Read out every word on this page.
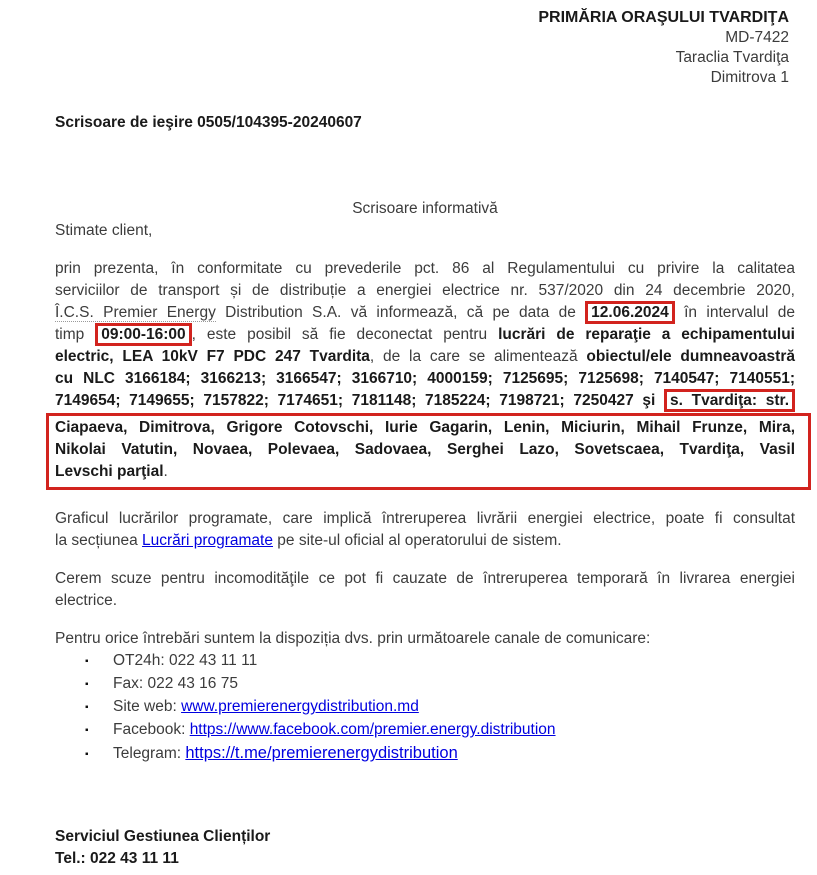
PRIMĂRIA ORAŞULUI TVARDIŢA
MD-7422
Taraclia Tvardiţa
Dimitrova 1
Scrisoare de ieşire 0505/104395-20240607
Scrisoare informativă
Stimate client,
prin prezenta, în conformitate cu prevederile pct. 86 al Regulamentului cu privire la calitatea
serviciilor de transport și de distribuție a energiei electrice nr. 537/2020 din 24 decembrie 2020,
Î.C.S. Premier Energy Distribution S.A. vă informează, că pe data de 12.06.2024 în intervalul de
timp 09:00-16:00 , este posibil să fie deconectat pentru lucrări de reparaţie a echipamentului
electric, LEA 10kV F7 PDC 247 Tvardita, de la care se alimentează obiectul/ele dumneavoastră
cu NLC 3166184; 3166213; 3166547; 3166710; 4000159; 7125695; 7125698; 7140547; 7140551;
7149654; 7149655; 7157822; 7174651; 7181148; 7185224; 7198721; 7250427 şi s. Tvardiţa: str.
Ciapaeva, Dimitrova, Grigore Cotovschi, Iurie Gagarin, Lenin, Miciurin, Mihail Frunze, Mira,
Nikolai Vatutin, Novaea, Polevaea, Sadovaea, Serghei Lazo, Sovetscaea, Tvardiţa, Vasil
Levschi parţial.
Graficul lucrărilor programate, care implică întreruperea livrării energiei electrice, poate fi consultat
la secțiunea Lucrări programate pe site-ul oficial al operatorului de sistem.
Cerem scuze pentru incomodităţile ce pot fi cauzate de întreruperea temporară în livrarea energiei
electrice.
Pentru orice întrebări suntem la dispoziția dvs. prin următoarele canale de comunicare:
▪ OT24h: 022 43 11 11
▪ Fax: 022 43 16 75
▪ Site web: www.premierenergydistribution.md
▪ Facebook: https://www.facebook.com/premier.energy.distribution
▪ Telegram: https://t.me/premierenergydistribution
Serviciul Gestiunea Clienților
Tel.: 022 43 11 11
